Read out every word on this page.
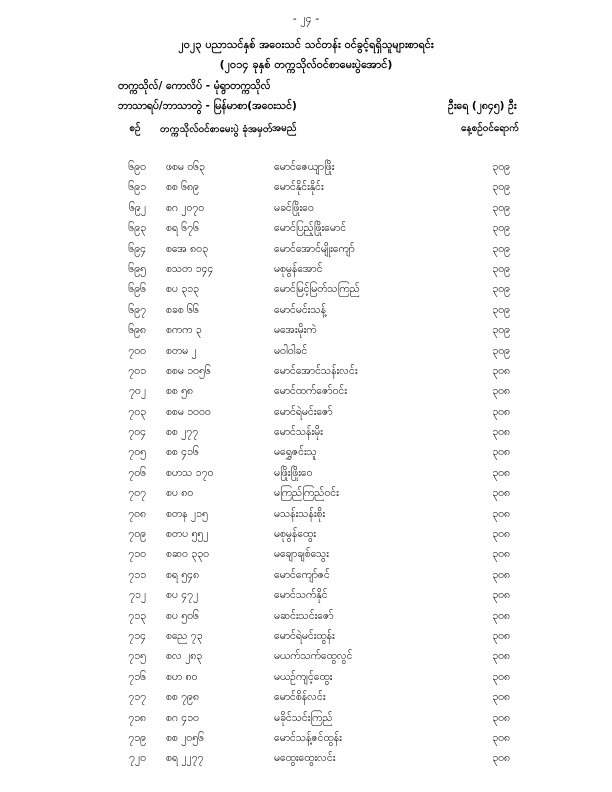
- ၂၄ -
၂၀၂၃ ပညာသင်နှစ် အဝေးသင် သင်တန်း ဝင်ခွင့်ရရှိသူများစာရင်း
(၂၀၁၄ ခုနှစ် တက္ကသိုလ်ဝင်စာမေးပွဲအောင်)
တက္ကသိုလ်/ ကောလိပ် - မုံရွာတက္ကသိုလ်
ဘာသာရပ်/ဘာသာတွဲ - မြန်မာစာ(အဝေးသင်)	ဦးရေ (၂၈၄၅) ဦး
စဉ်	တက္ကသိုလ်ဝင်စာမေးပွဲ ခုံအမှတ် အမည်	နေ့စဉ်ဝင်ရောက်
၆၉၀ ဖစမ ၀၆၃	မောင်ဇေယျာဖြိုး	၃၀၉
၆၉၁ စစ ၆၈၉	မောင်နိုင်းနိုင်း	၃၀၉
၆၉၂ စဂ ၂၀၇၀	မခင်ဖြိုးဝေ	၃၀၉
၆၉၃ စရ ၆၇၆	မောင်ပြည့်ဖြိုးမောင်	၃၀၉
၆၉၄ စအေ ၈၀၃	မောင်အောင်မျိုးကျော်	၃၀၉
၆၉၅ စသတ ၁၄၄	မစုမွန်အောင်	၃၀၉
၆၉၆ စပ ၃၁၃	မောင်မြင့်မြတ်သကြည်	၃၀၉
၆၉၇ စခစ ၆၆	မောင်မင်းသန့်	၃၀၉
၆၉၈ စကက ၃	မအေးမိုးကဲ	၃၀၉
၇၀၀ စတမ ၂	မဝါဝါခင်	၃၀၉
၇၀၁ စစမ ၁၀၅၆	မောင်အောင်သန်းလင်း	၃၀၈
၇၀၂ စစ ၅၈	မောင်ထက်ဇော်ဝင်း	၃၀၈
၇၀၃ စစမ ၁၀၀၀	မောင်ရဲမင်းဇော်	၃၀၈
၇၀၄ စစ ၂၇၇	မောင်သန်းမိုး	၃၀၈
၇၀၅ စစ ၄၁၆	မရွှေဇင်းသူ	၃၀၈
၇၀၆ စဟသ ၁၇၀	မဖြိုးဖြိုးဝေ	၃၀၈
၇၀၇ စပ ၈၀	မကြည်ကြည်ဝင်း	၃၀၈
၇၀၈ စတန ၂၁၅	မသန်းသန်းစိုး	၃၀၈
၇၀၉ စတပ ၅၅၂	မစုမွန်ထွေး	၃၀၈
၇၁၀ စဆဝ ၃၃၀	မချောချစ်သွေး	၃၀၈
၇၁၁ စရ ၅၄၈	မောင်ကျော်ဇင်	၃၀၈
၇၁၂ စပ ၄၇၂	မောင်သက်နိုင်	၃၀၈
၇၁၃ စပ ၅၀၆	မဆင်းသင်းဇော်	၃၀၈
၇၁၄ စညေ ၇၃	မောင်ရဲမင်းထွန်း	၃၀၈
၇၁၅ စလ ၂၈၃	မယက်သက်ထွေလွင်	၃၀၈
၇၁၆ စဟ ၈၀	မယဉ်ကျင့်ထွေး	၃၀၈
၇၁၇ စစ ၇၉၈	မောင်စိန်လင်း	၃၀၈
၇၁၈ စဂ ၄၁၀	မခိုင်သင်းကြည်	၃၀၈
၇၁၉ စစ ၂၀၅၆	မောင်သန့်ဇင်ထွန်း	၃၀၈
၇၂၀ စရ ၂၂၇၇	မထွေးထွေးလင်း	၃၀၈
